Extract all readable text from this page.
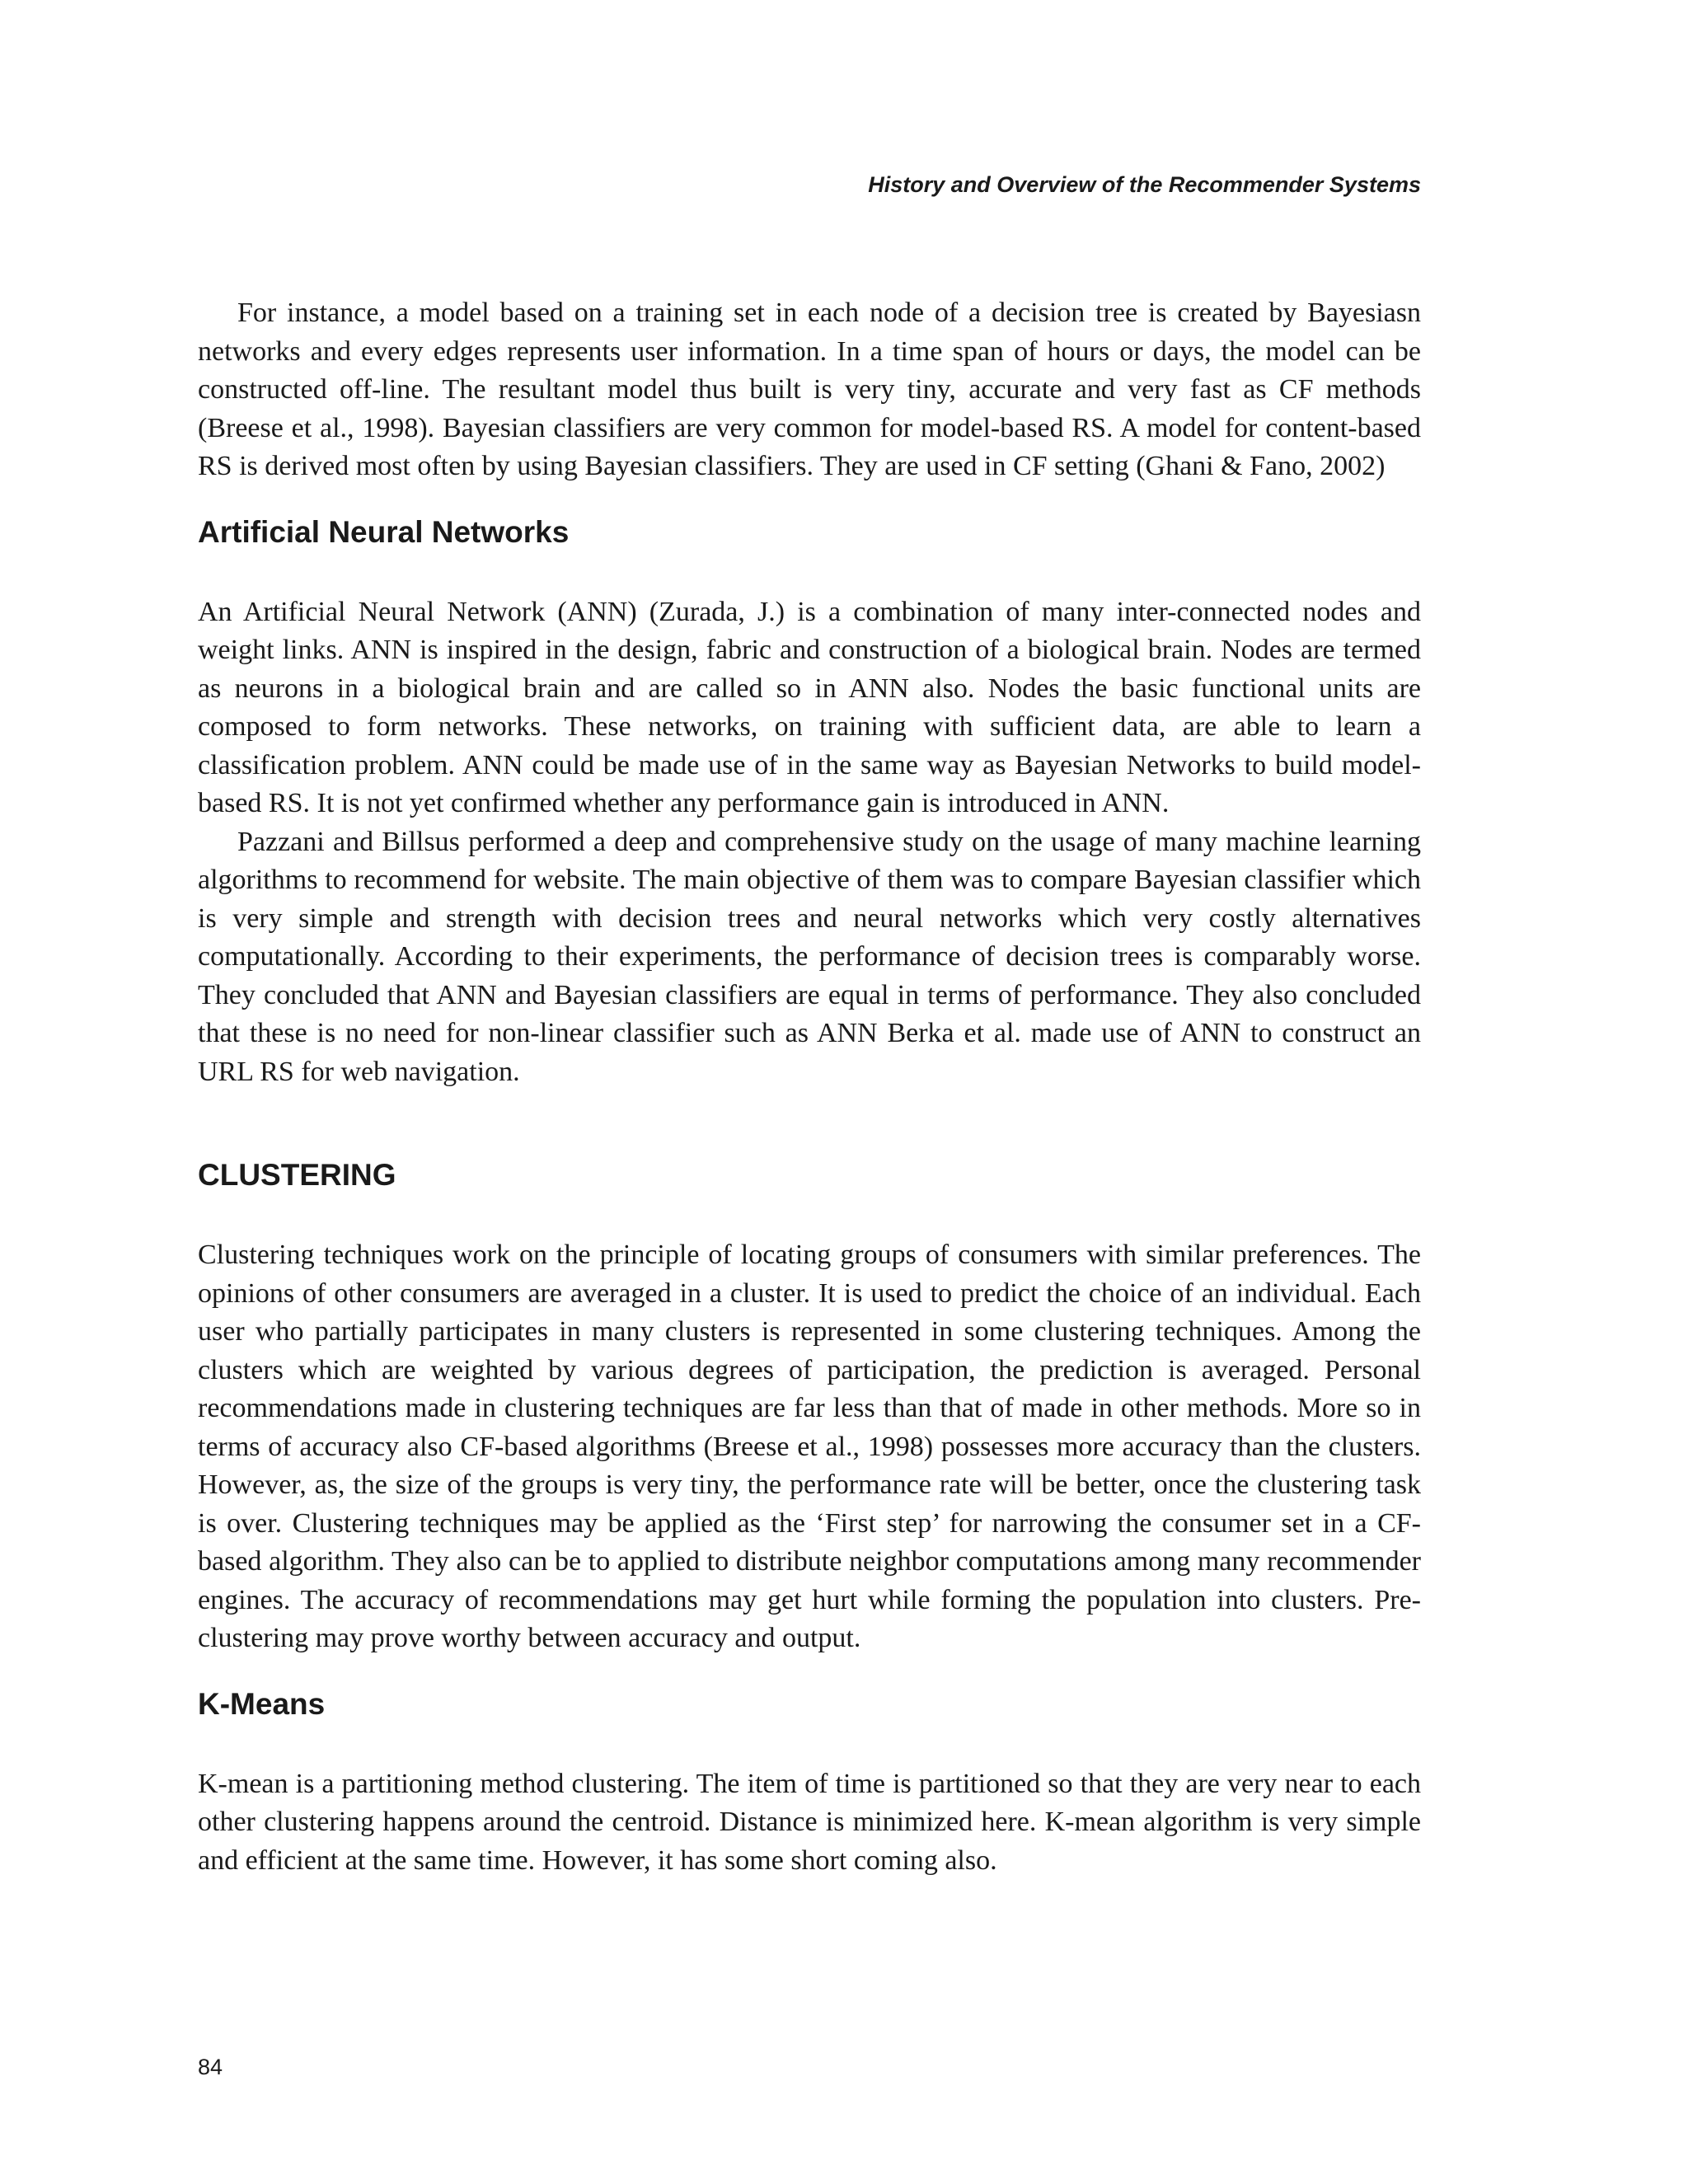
History and Overview of the Recommender Systems

For instance, a model based on a training set in each node of a decision tree is created by Bayesiasn networks and every edges represents user information. In a time span of hours or days, the model can be constructed off-line. The resultant model thus built is very tiny, accurate and very fast as CF methods (Breese et al., 1998). Bayesian classifiers are very common for model-based RS. A model for content-based RS is derived most often by using Bayesian classifiers. They are used in CF setting (Ghani & Fano, 2002)

Artificial Neural Networks

An Artificial Neural Network (ANN) (Zurada, J.) is a combination of many inter-connected nodes and weight links. ANN is inspired in the design, fabric and construction of a biological brain. Nodes are termed as neurons in a biological brain and are called so in ANN also. Nodes the basic functional units are composed to form networks. These networks, on training with sufficient data, are able to learn a classification problem. ANN could be made use of in the same way as Bayesian Networks to build model- based RS. It is not yet confirmed whether any performance gain is introduced in ANN.

Pazzani and Billsus performed a deep and comprehensive study on the usage of many machine learning algorithms to recommend for website. The main objective of them was to compare Bayesian classifier which is very simple and strength with decision trees and neural networks which very costly alternatives computationally. According to their experiments, the performance of decision trees is comparably worse. They concluded that ANN and Bayesian classifiers are equal in terms of performance. They also concluded that these is no need for non-linear classifier such as ANN Berka et al. made use of ANN to construct an URL RS for web navigation.

CLUSTERING

Clustering techniques work on the principle of locating groups of consumers with similar preferences. The opinions of other consumers are averaged in a cluster. It is used to predict the choice of an individual. Each user who partially participates in many clusters is represented in some clustering techniques. Among the clusters which are weighted by various degrees of participation, the prediction is averaged. Personal recommendations made in clustering techniques are far less than that of made in other methods. More so in terms of accuracy also CF-based algorithms (Breese et al., 1998) possesses more accuracy than the clusters. However, as, the size of the groups is very tiny, the performance rate will be better, once the clustering task is over. Clustering techniques may be applied as the ‘First step’ for narrowing the consumer set in a CF-based algorithm. They also can be to applied to distribute neighbor computations among many recommender engines. The accuracy of recommendations may get hurt while forming the population into clusters. Pre-clustering may prove worthy between accuracy and output.

K-Means

K-mean is a partitioning method clustering. The item of time is partitioned so that they are very near to each other clustering happens around the centroid. Distance is minimized here. K-mean algorithm is very simple and efficient at the same time. However, it has some short coming also.

84
